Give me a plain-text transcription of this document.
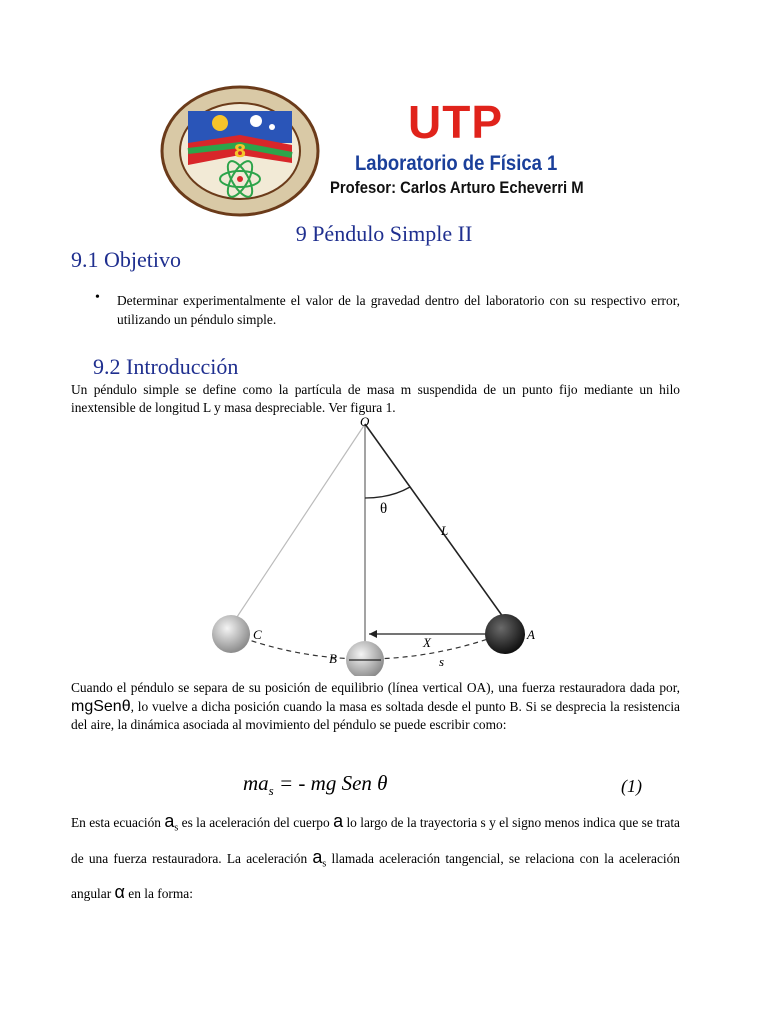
8
UTP
Laboratorio de Física 1
Profesor: Carlos Arturo Echeverri M
9 Péndulo Simple II
9.1 Objetivo
• Determinar experimentalmente el valor de la gravedad dentro del laboratorio con su respectivo error, utilizando un péndulo simple.
9.2 Introducción
Un péndulo simple se define como la partícula de masa m suspendida de un punto fijo mediante un hilo inextensible de longitud L y masa despreciable. Ver figura 1.
O
θ
L
A
C
B
X
s
Cuando el péndulo se separa de su posición de equilibrio (línea vertical OA), una fuerza restauradora dada por, mgSenθ, lo vuelve a dicha posición cuando la masa es soltada desde el punto B. Si se desprecia la resistencia del aire, la dinámica asociada al movimiento del péndulo se puede escribir como:
$ma_s$ = - mg Sen θ	(1)
En esta ecuación $a_s$ es la aceleración del cuerpo a lo largo de la trayectoria s y el signo menos indica que se trata de una fuerza restauradora. La aceleración $a_s$ llamada aceleración tangencial, se relaciona con la aceleración angular α en la forma:
